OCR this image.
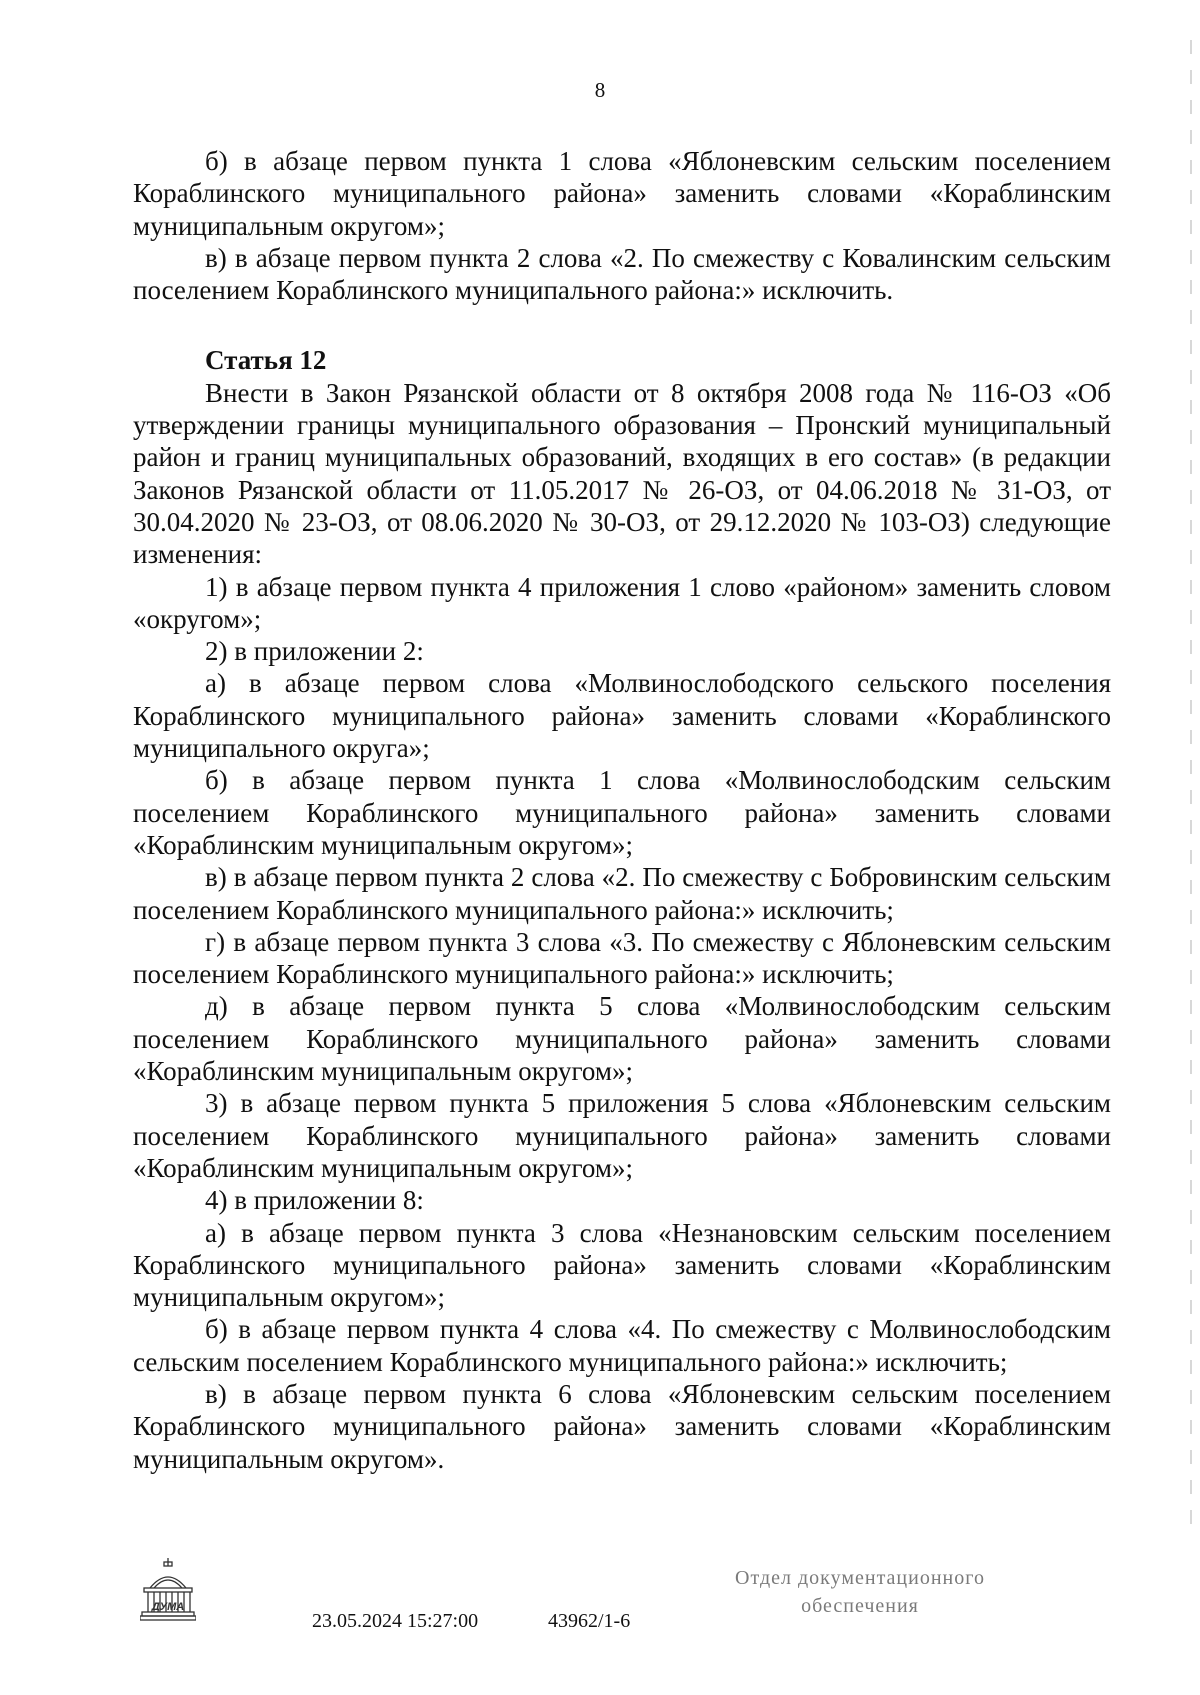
8

б) в абзаце первом пункта 1 слова «Яблоневским сельским поселением Кораблинского муниципального района» заменить словами «Кораблинским муниципальным округом»;

в) в абзаце первом пункта 2 слова «2. По смежеству с Ковалинским сельским поселением Кораблинского муниципального района:» исключить.

Статья 12

Внести в Закон Рязанской области от 8 октября 2008 года № 116-ОЗ «Об утверждении границы муниципального образования – Пронский муниципальный район и границ муниципальных образований, входящих в его состав» (в редакции Законов Рязанской области от 11.05.2017 № 26-ОЗ, от 04.06.2018 № 31-ОЗ, от 30.04.2020 № 23-ОЗ, от 08.06.2020 № 30-ОЗ, от 29.12.2020 № 103-ОЗ) следующие изменения:

1) в абзаце первом пункта 4 приложения 1 слово «районом» заменить словом «округом»;

2) в приложении 2:

а) в абзаце первом слова «Молвинослободского сельского поселения Кораблинского муниципального района» заменить словами «Кораблинского муниципального округа»;

б) в абзаце первом пункта 1 слова «Молвинослободским сельским поселением Кораблинского муниципального района» заменить словами «Кораблинским муниципальным округом»;

в) в абзаце первом пункта 2 слова «2. По смежеству с Бобровинским сельским поселением Кораблинского муниципального района:» исключить;

г) в абзаце первом пункта 3 слова «3. По смежеству с Яблоневским сельским поселением Кораблинского муниципального района:» исключить;

д) в абзаце первом пункта 5 слова «Молвинослободским сельским поселением Кораблинского муниципального района» заменить словами «Кораблинским муниципальным округом»;

3) в абзаце первом пункта 5 приложения 5 слова «Яблоневским сельским поселением Кораблинского муниципального района» заменить словами «Кораблинским муниципальным округом»;

4) в приложении 8:

а) в абзаце первом пункта 3 слова «Незнановским сельским поселением Кораблинского муниципального района» заменить словами «Кораблинским муниципальным округом»;

б) в абзаце первом пункта 4 слова «4. По смежеству с Молвинослободским сельским поселением Кораблинского муниципального района:» исключить;

в) в абзаце первом пункта 6 слова «Яблоневским сельским поселением Кораблинского муниципального района» заменить словами «Кораблинским муниципальным округом».

ДУМА
23.05.2024 15:27:00	43962/1-6
Отдел документационного
обеспечения
